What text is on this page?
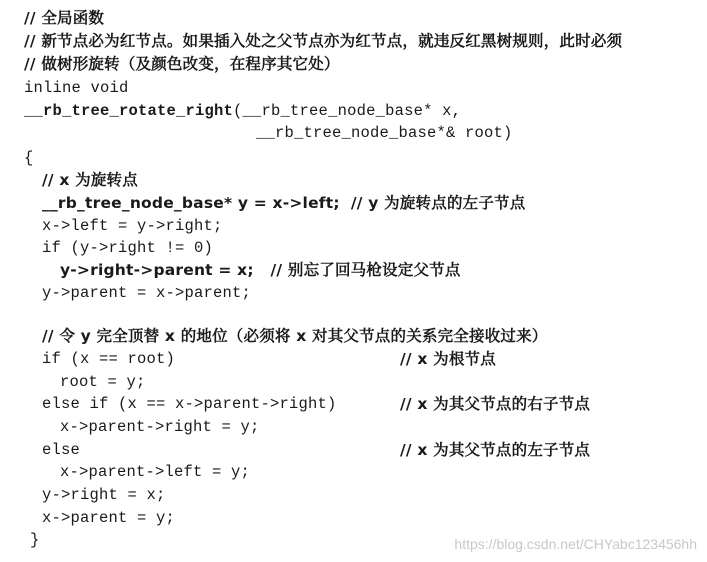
// 全局函数
// 新节点必为红节点。如果插入处之父节点亦为红节点，就违反红黑树规则，此时必须
// 做树形旋转（及颜色改变，在程序其它处）
inline void
__rb_tree_rotate_right(__rb_tree_node_base* x,
__rb_tree_node_base*& root)
{
// x 为旋转点
__rb_tree_node_base* y = x->left;  // y 为旋转点的左子节点
x->left = y->right;
if (y->right != 0)
y->right->parent = x;   // 别忘了回马枪设定父节点
y->parent = x->parent;
// 令 y 完全顶替 x 的地位（必须将 x 对其父节点的关系完全接收过来）
if (x == root)	// x 为根节点
root = y;
else if (x == x->parent->right)	// x 为其父节点的右子节点
x->parent->right = y;
else	// x 为其父节点的左子节点
x->parent->left = y;
y->right = x;
x->parent = y;
}	https://blog.csdn.net/CHYabc123456hh
